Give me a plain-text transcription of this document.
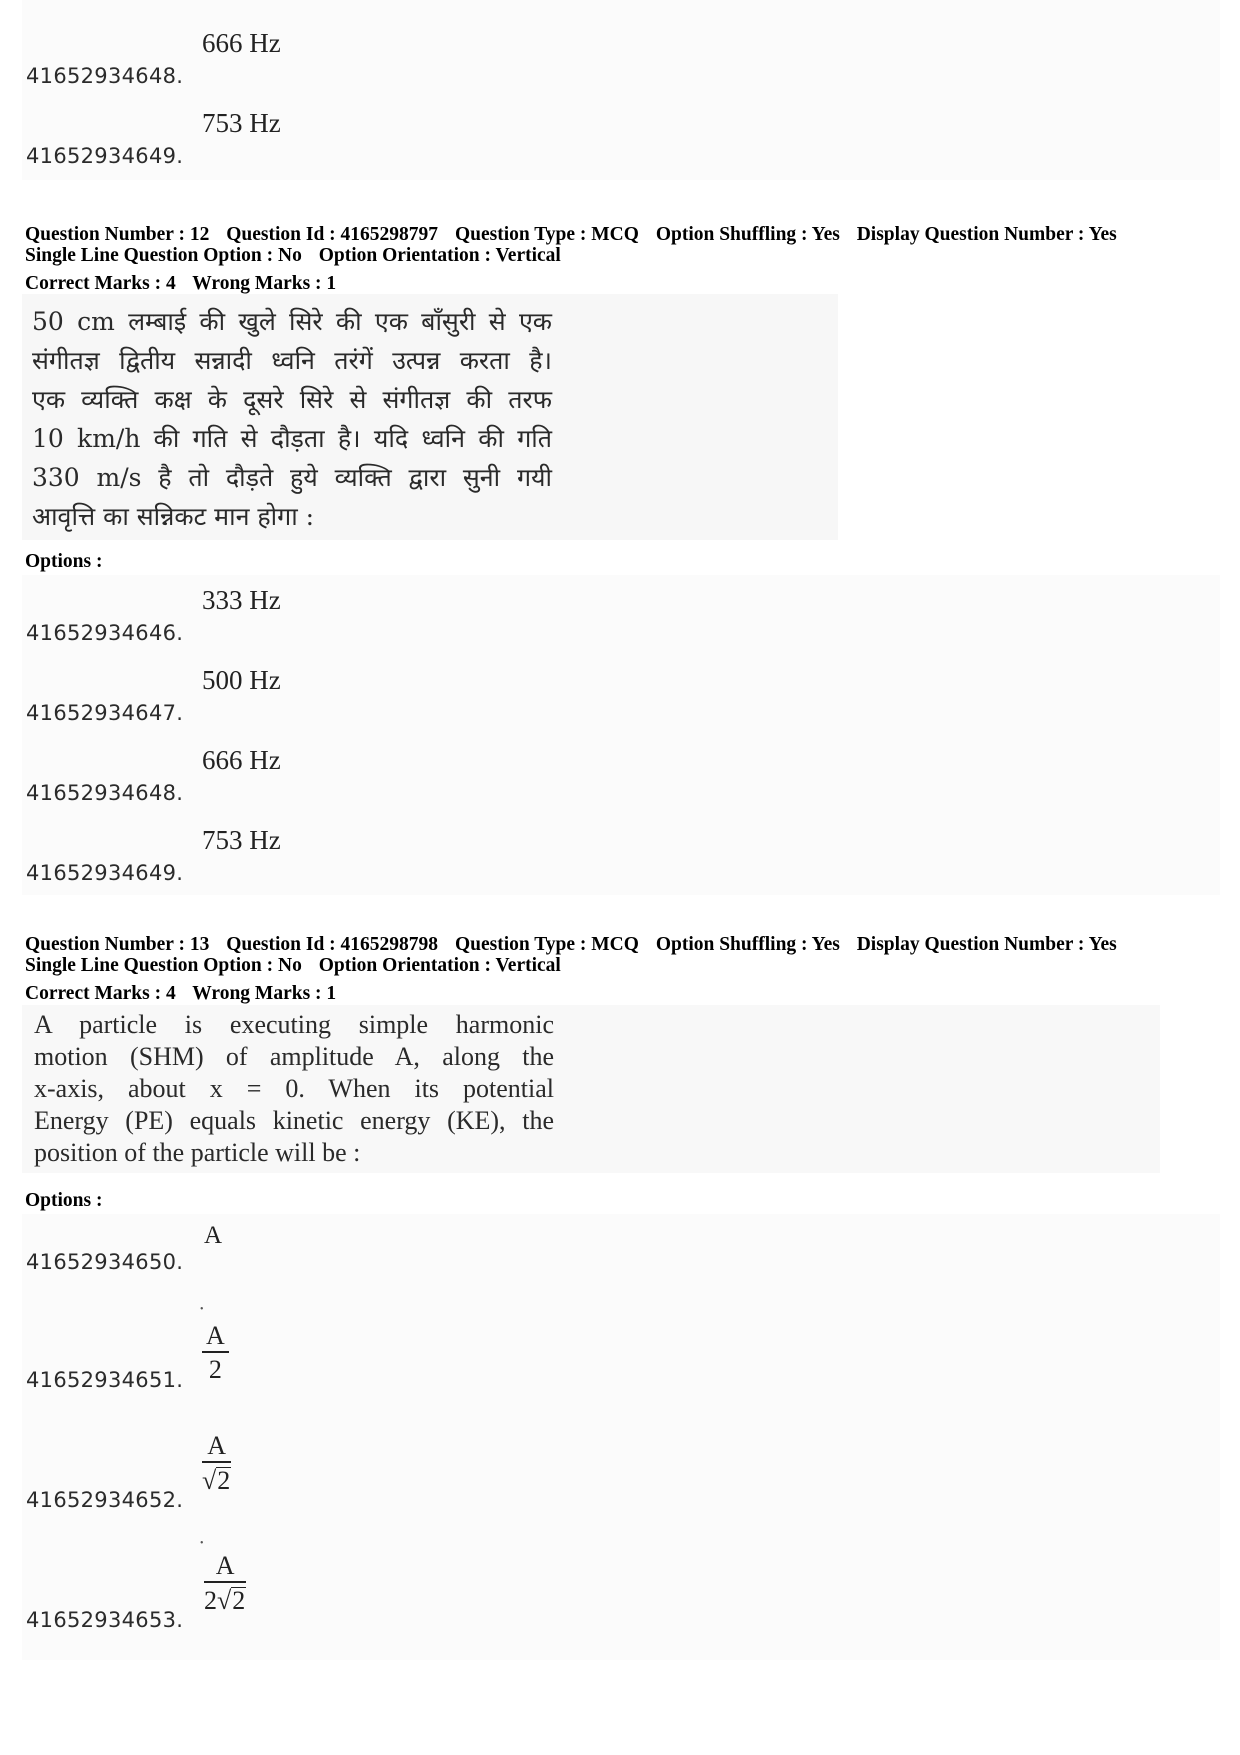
41652934648.
666 Hz
41652934649.
753 Hz
Question Number : 12 Question Id : 4165298797 Question Type : MCQ Option Shuffling : Yes Display Question Number : Yes
Single Line Question Option : No Option Orientation : Vertical
Correct Marks : 4 Wrong Marks : 1

50 cm लम्बाई की खुले सिरे की एक बाँसुरी से एक

संगीतज्ञ द्वितीय सन्नादी ध्वनि तरंगें उत्पन्न करता है।

एक व्यक्ति कक्ष के दूसरे सिरे से संगीतज्ञ की तरफ

10 km/h की गति से दौड़ता है। यदि ध्वनि की गति

330 m/s है तो दौड़ते हुये व्यक्ति द्वारा सुनी गयी

आवृत्ति का सन्निकट मान होगा :

Options :
41652934646.
333 Hz
41652934647.
500 Hz
41652934648.
666 Hz
41652934649.
753 Hz
Question Number : 13 Question Id : 4165298798 Question Type : MCQ Option Shuffling : Yes Display Question Number : Yes
Single Line Question Option : No Option Orientation : Vertical
Correct Marks : 4 Wrong Marks : 1

A particle is executing simple harmonic

motion (SHM) of amplitude A, along the

x-axis, about x = 0. When its potential

Energy (PE) equals kinetic energy (KE), the

position of the particle will be :

Options :
41652934650.
A
•
41652934651. $\frac{A}{2}$
41652934652.
$\frac{A}{√ 2}$
•
41652934653.
$\frac{A}{2 √ 2}$
